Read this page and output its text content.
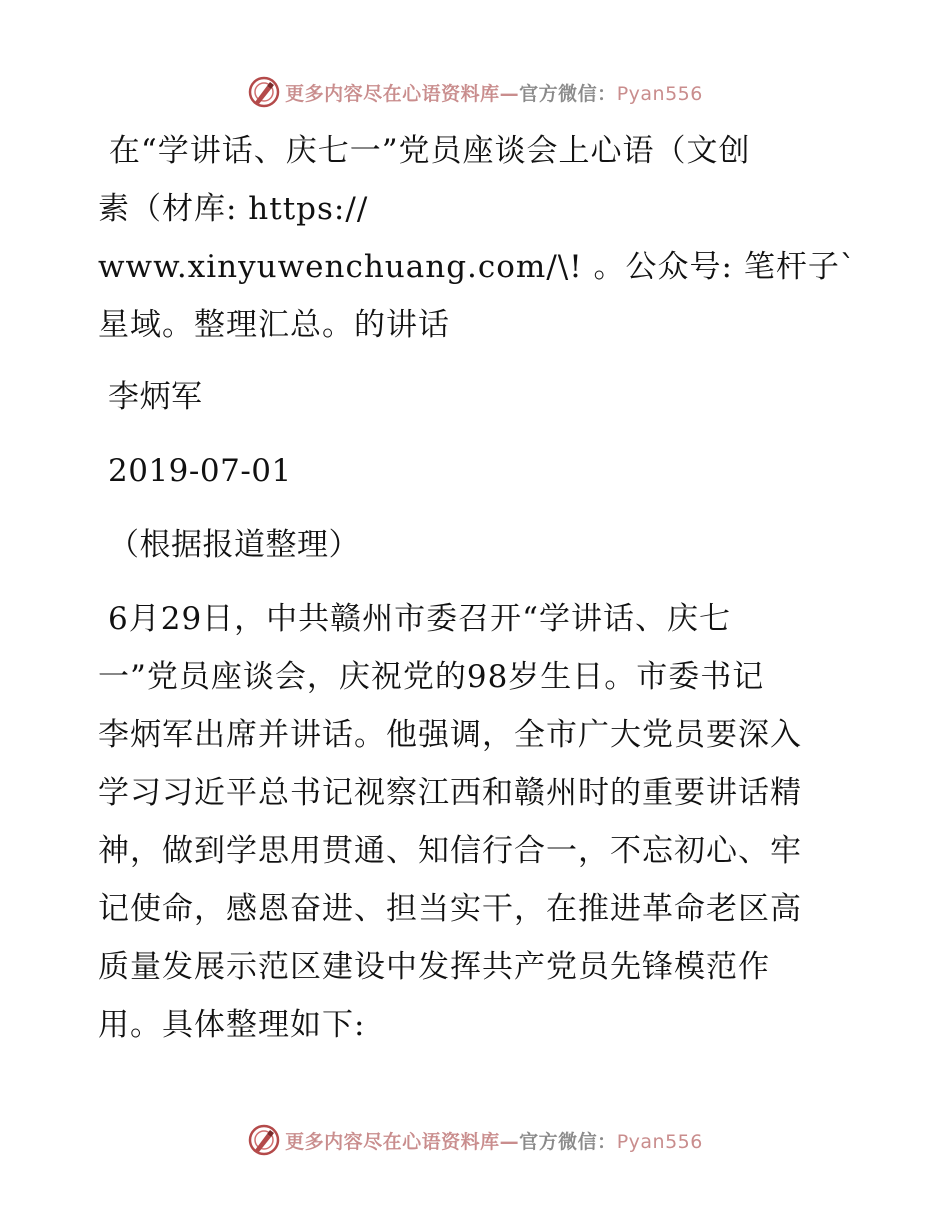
更多内容尽在心语资料库—官方微信：Pyan556
在“学讲话、庆七一”党员座谈会上心语（文创
素（材库: https://
www.xinyuwenchuang.com/\! 。公众号: 笔杆子`
星域。整理汇总。的讲话
李炳军
2019-07-01
（根据报道整理）
6月29日，中共赣州市委召开“学讲话、庆七
一”党员座谈会，庆祝党的98岁生日。市委书记
李炳军出席并讲话。他强调，全市广大党员要深入
学习习近平总书记视察江西和赣州时的重要讲话精
神，做到学思用贯通、知信行合一，不忘初心、牢
记使命，感恩奋进、担当实干，在推进革命老区高
质量发展示范区建设中发挥共产党员先锋模范作
用。具体整理如下:
更多内容尽在心语资料库—官方微信：Pyan556
